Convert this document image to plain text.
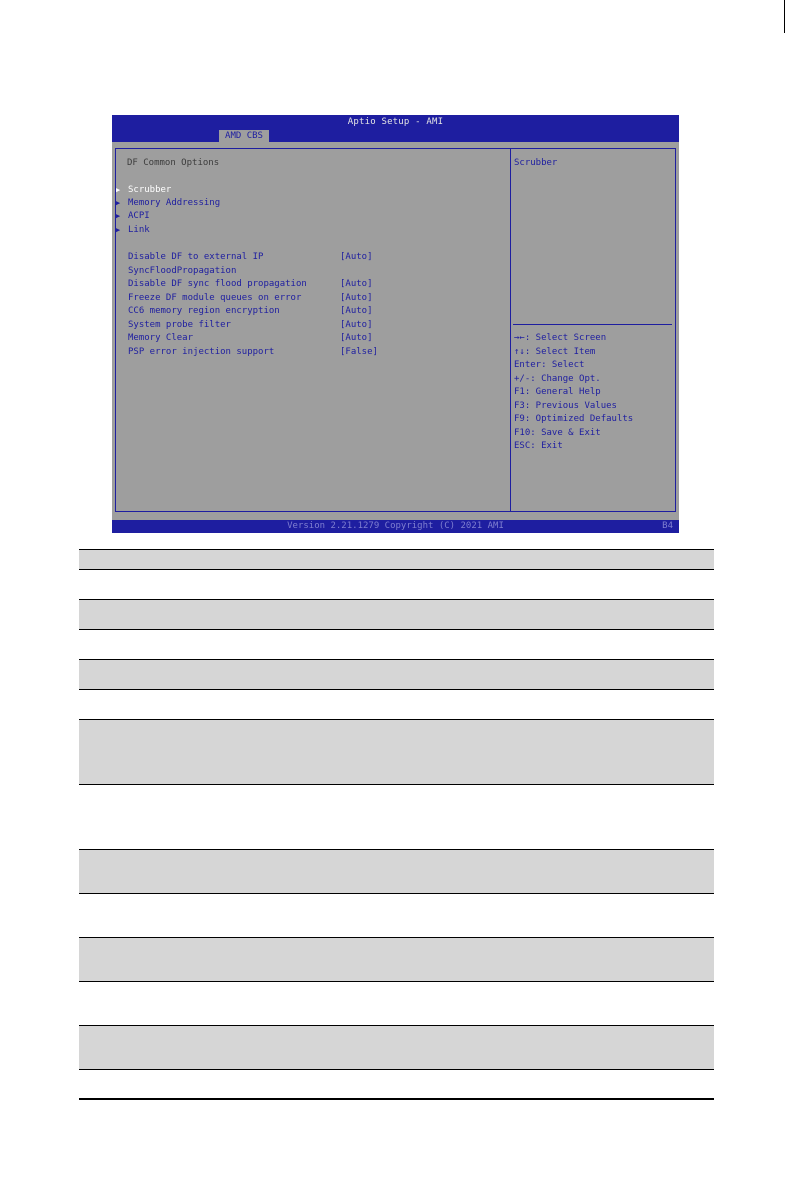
Aptio Setup - AMI
AMD CBS
DF Common Options
▶ Scrubber
▶ Memory Addressing
▶ ACPI
▶ Link
Disable DF to external IP	[Auto]
SyncFloodPropagation
Disable DF sync flood propagation	[Auto]
Freeze DF module queues on error	[Auto]
CC6 memory region encryption	[Auto]
System probe filter	[Auto]
Memory Clear	[Auto]
PSP error injection support	[False]
Scrubber
→←: Select Screen
↑↓: Select Item
Enter: Select
+/-: Change Opt.
F1: General Help
F3: Previous Values
F9: Optimized Defaults
F10: Save & Exit
ESC: Exit
Version 2.21.1279 Copyright (C) 2021 AMI	B4
